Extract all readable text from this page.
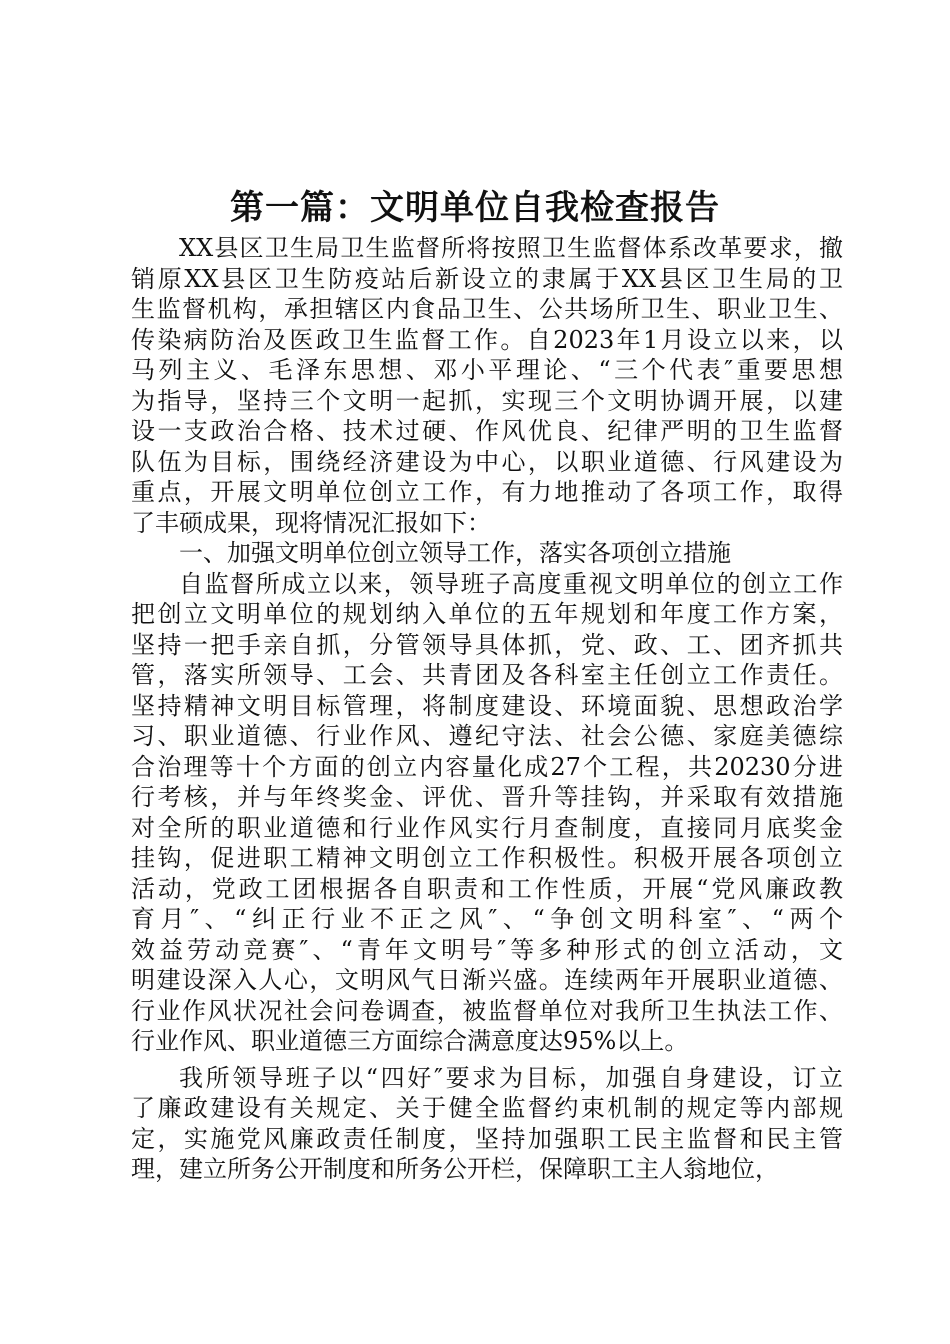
第一篇：文明单位自我检查报告
XX县区卫生局卫生监督所将按照卫生监督体系改革要求，撤
销原XX县区卫生防疫站后新设立的隶属于XX县区卫生局的卫
生监督机构，承担辖区内食品卫生、公共场所卫生、职业卫生、
传染病防治及医政卫生监督工作。自2023年1月设立以来，以
马列主义、毛泽东思想、邓小平理论、“三个代表″重要思想
为指导，坚持三个文明一起抓，实现三个文明协调开展，以建
设一支政治合格、技术过硬、作风优良、纪律严明的卫生监督
队伍为目标，围绕经济建设为中心，以职业道德、行风建设为
重点，开展文明单位创立工作，有力地推动了各项工作，取得
了丰硕成果，现将情况汇报如下：
一、加强文明单位创立领导工作，落实各项创立措施
自监督所成立以来，领导班子高度重视文明单位的创立工作
把创立文明单位的规划纳入单位的五年规划和年度工作方案，
坚持一把手亲自抓，分管领导具体抓，党、政、工、团齐抓共
管，落实所领导、工会、共青团及各科室主任创立工作责任。
坚持精神文明目标管理，将制度建设、环境面貌、思想政治学
习、职业道德、行业作风、遵纪守法、社会公德、家庭美德综
合治理等十个方面的创立内容量化成27个工程，共20230分进
行考核，并与年终奖金、评优、晋升等挂钩，并采取有效措施
对全所的职业道德和行业作风实行月查制度，直接同月底奖金
挂钩，促进职工精神文明创立工作积极性。积极开展各项创立
活动，党政工团根据各自职责和工作性质，开展“党风廉政教
育月″、“纠正行业不正之风″、“争创文明科室″、“两个
效益劳动竞赛″、“青年文明号″等多种形式的创立活动，文
明建设深入人心，文明风气日渐兴盛。连续两年开展职业道德、
行业作风状况社会问卷调查，被监督单位对我所卫生执法工作、
行业作风、职业道德三方面综合满意度达95%以上。
我所领导班子以“四好″要求为目标，加强自身建设，订立
了廉政建设有关规定、关于健全监督约束机制的规定等内部规
定，实施党风廉政责任制度，坚持加强职工民主监督和民主管
理，建立所务公开制度和所务公开栏，保障职工主人翁地位，
